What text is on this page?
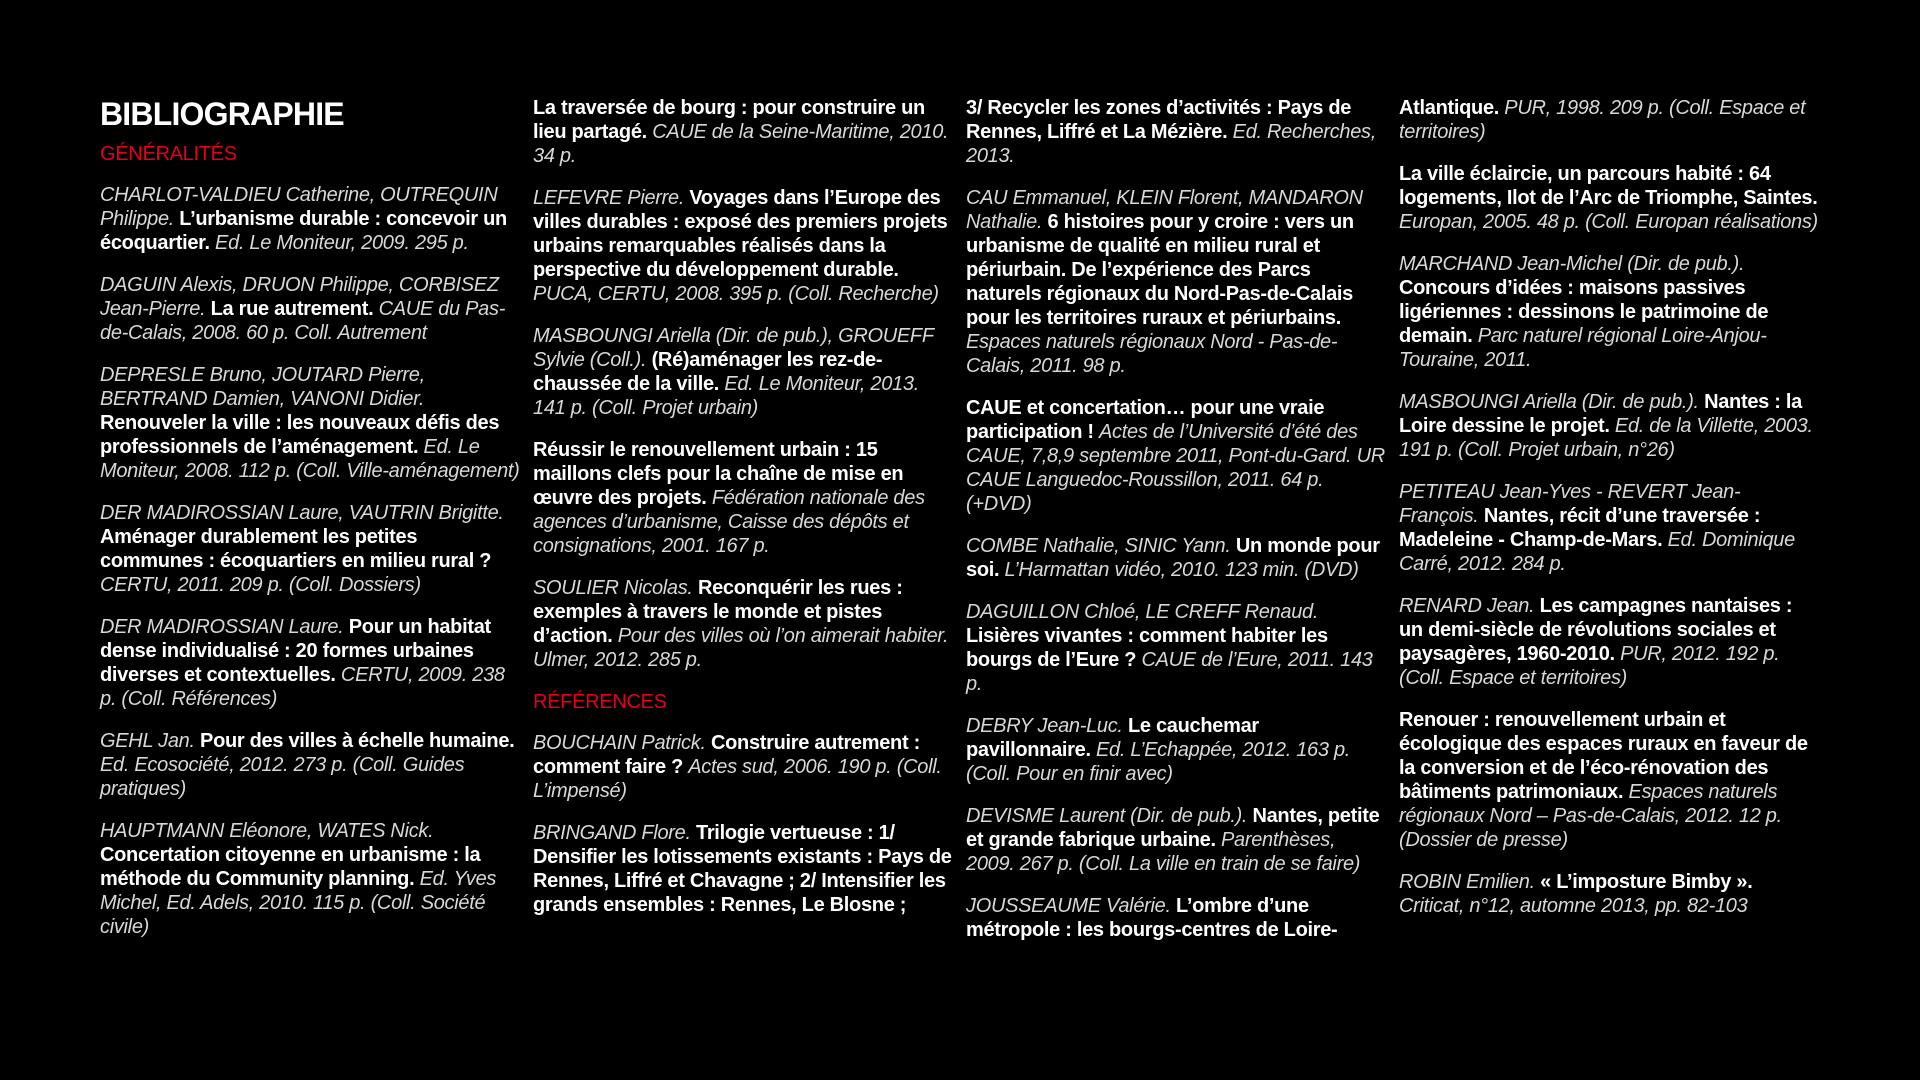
BIBLIOGRAPHIE
GÉNÉRALITÉS
CHARLOT-VALDIEU Catherine, OUTREQUIN Philippe. L’urbanisme durable : concevoir un écoquartier. Ed. Le Moniteur, 2009. 295 p.
DAGUIN Alexis, DRUON Philippe, CORBISEZ Jean-Pierre. La rue autrement. CAUE du Pas-de-Calais, 2008. 60 p. Coll. Autrement
DEPRESLE Bruno, JOUTARD Pierre, BERTRAND Damien, VANONI Didier. Renouveler la ville : les nouveaux défis des professionnels de l’aménagement. Ed. Le Moniteur, 2008. 112 p. (Coll. Ville-aménagement)
DER MADIROSSIAN Laure, VAUTRIN Brigitte. Aménager durablement les petites communes : écoquartiers en milieu rural ? CERTU, 2011. 209 p. (Coll. Dossiers)
DER MADIROSSIAN Laure. Pour un habitat dense individualisé : 20 formes urbaines diverses et contextuelles. CERTU, 2009. 238 p. (Coll. Références)
GEHL Jan. Pour des villes à échelle humaine. Ed. Ecosociété, 2012. 273 p. (Coll. Guides pratiques)
HAUPTMANN Eléonore, WATES Nick. Concertation citoyenne en urbanisme : la méthode du Community planning. Ed. Yves Michel, Ed. Adels, 2010. 115 p. (Coll. Société civile)
La traversée de bourg : pour construire un lieu partagé. CAUE de la Seine-Maritime, 2010. 34 p.
LEFEVRE Pierre. Voyages dans l’Europe des villes durables : exposé des premiers projets urbains remarquables réalisés dans la perspective du développement durable. PUCA, CERTU, 2008. 395 p. (Coll. Recherche)
MASBOUNGI Ariella (Dir. de pub.), GROUEFF Sylvie (Coll.). (Ré)aménager les rez-de-chaussée de la ville. Ed. Le Moniteur, 2013. 141 p. (Coll. Projet urbain)
Réussir le renouvellement urbain : 15 maillons clefs pour la chaîne de mise en œuvre des projets. Fédération nationale des agences d’urbanisme, Caisse des dépôts et consignations, 2001. 167 p.
SOULIER Nicolas. Reconquérir les rues : exemples à travers le monde et pistes d’action. Pour des villes où l’on aimerait habiter. Ulmer, 2012. 285 p.
RÉFÉRENCES
BOUCHAIN Patrick. Construire autrement : comment faire ? Actes sud, 2006. 190 p. (Coll. L’impensé)
BRINGAND Flore. Trilogie vertueuse : 1/ Densifier les lotissements existants : Pays de Rennes, Liffré et Chavagne ; 2/ Intensifier les grands ensembles : Rennes, Le Blosne ;
3/ Recycler les zones d’activités : Pays de Rennes, Liffré et La Mézière. Ed. Recherches, 2013.
CAU Emmanuel, KLEIN Florent, MANDARON Nathalie. 6 histoires pour y croire : vers un urbanisme de qualité en milieu rural et périurbain. De l’expérience des Parcs naturels régionaux du Nord-Pas-de-Calais pour les territoires ruraux et périurbains. Espaces naturels régionaux Nord - Pas-de-Calais, 2011. 98 p.
CAUE et concertation… pour une vraie participation ! Actes de l’Université d’été des CAUE, 7,8,9 septembre 2011, Pont-du-Gard. UR CAUE Languedoc-Roussillon, 2011. 64 p. (+DVD)
COMBE Nathalie, SINIC Yann. Un monde pour soi. L’Harmattan vidéo, 2010. 123 min. (DVD)
DAGUILLON Chloé, LE CREFF Renaud. Lisières vivantes : comment habiter les bourgs de l’Eure ? CAUE de l’Eure, 2011. 143 p.
DEBRY Jean-Luc. Le cauchemar pavillonnaire. Ed. L’Echappée, 2012. 163 p. (Coll. Pour en finir avec)
DEVISME Laurent (Dir. de pub.). Nantes, petite et grande fabrique urbaine. Parenthèses, 2009. 267 p. (Coll. La ville en train de se faire)
JOUSSEAUME Valérie. L’ombre d’une métropole : les bourgs-centres de Loire-
Atlantique. PUR, 1998. 209 p. (Coll. Espace et territoires)
La ville éclaircie, un parcours habité : 64 logements, Ilot de l’Arc de Triomphe, Saintes. Europan, 2005. 48 p. (Coll. Europan réalisations)
MARCHAND Jean-Michel (Dir. de pub.). Concours d’idées : maisons passives ligériennes : dessinons le patrimoine de demain. Parc naturel régional Loire-Anjou-Touraine, 2011.
MASBOUNGI Ariella (Dir. de pub.). Nantes : la Loire dessine le projet. Ed. de la Villette, 2003. 191 p. (Coll. Projet urbain, n°26)
PETITEAU Jean-Yves - REVERT Jean-François. Nantes, récit d’une traversée : Madeleine - Champ-de-Mars. Ed. Dominique Carré, 2012. 284 p.
RENARD Jean. Les campagnes nantaises : un demi-siècle de révolutions sociales et paysagères, 1960-2010. PUR, 2012. 192 p. (Coll. Espace et territoires)
Renouer : renouvellement urbain et écologique des espaces ruraux en faveur de la conversion et de l’éco-rénovation des bâtiments patrimoniaux. Espaces naturels régionaux Nord – Pas-de-Calais, 2012. 12 p. (Dossier de presse)
ROBIN Emilien. « L’imposture Bimby ». Criticat, n°12, automne 2013, pp. 82-103
